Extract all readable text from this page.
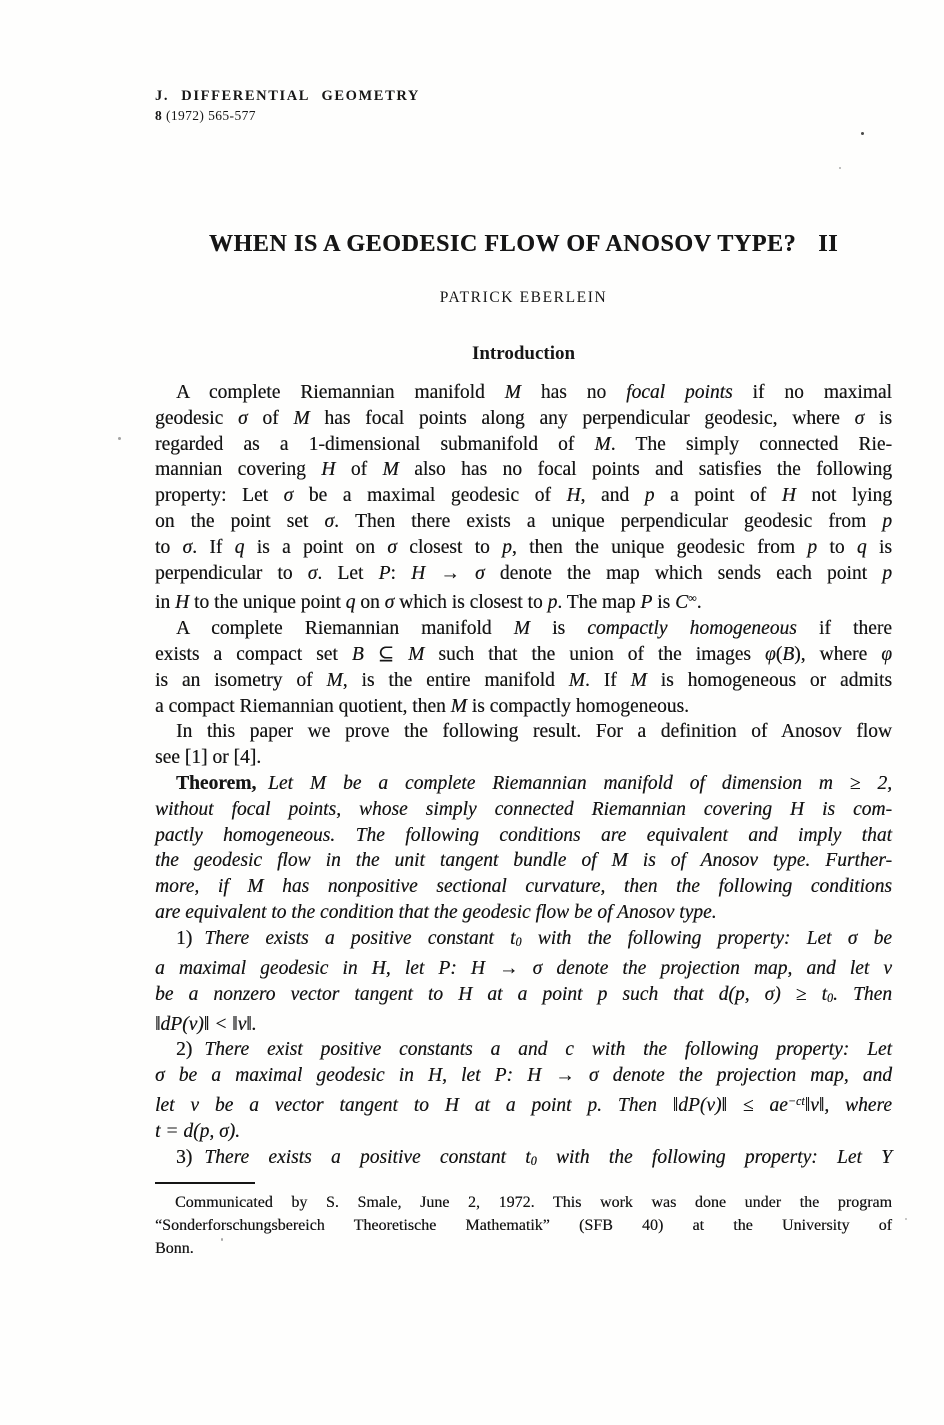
J. DIFFERENTIAL GEOMETRY
8 (1972) 565-577
WHEN IS A GEODESIC FLOW OF ANOSOV TYPE? II
PATRICK EBERLEIN
Introduction
A complete Riemannian manifold M has no focal points if no maximal
geodesic σ of M has focal points along any perpendicular geodesic, where σ is
regarded as a 1-dimensional submanifold of M. The simply connected Rie-
mannian covering H of M also has no focal points and satisfies the following
property: Let σ be a maximal geodesic of H, and p a point of H not lying
on the point set σ. Then there exists a unique perpendicular geodesic from p
to σ. If q is a point on σ closest to p, then the unique geodesic from p to q is
perpendicular to σ. Let P: H → σ denote the map which sends each point p
in H to the unique point q on σ which is closest to p. The map P is C∞.
A complete Riemannian manifold M is compactly homogeneous if there
exists a compact set B ⊆ M such that the union of the images φ(B), where φ
is an isometry of M, is the entire manifold M. If M is homogeneous or admits
a compact Riemannian quotient, then M is compactly homogeneous.
In this paper we prove the following result. For a definition of Anosov flow
see [1] or [4].
Theorem, Let M be a complete Riemannian manifold of dimension m ≥ 2,
without focal points, whose simply connected Riemannian covering H is com-
pactly homogeneous. The following conditions are equivalent and imply that
the geodesic flow in the unit tangent bundle of M is of Anosov type. Further-
more, if M has nonpositive sectional curvature, then the following conditions
are equivalent to the condition that the geodesic flow be of Anosov type.
1) There exists a positive constant t0 with the following property: Let σ be
a maximal geodesic in H, let P: H → σ denote the projection map, and let v
be a nonzero vector tangent to H at a point p such that d(p, σ) ≥ t0. Then
‖dP(v)‖ < ‖v‖.
2) There exist positive constants a and c with the following property: Let
σ be a maximal geodesic in H, let P: H → σ denote the projection map, and
let v be a vector tangent to H at a point p. Then ‖dP(v)‖ ≤ $ae^{-ct}‖v‖$, where
t = d(p, σ).
3) There exists a positive constant t0 with the following property: Let Y
Communicated by S. Smale, June 2, 1972. This work was done under the program
“Sonderforschungsbereich Theoretische Mathematik” (SFB 40) at the University of
Bonn.
